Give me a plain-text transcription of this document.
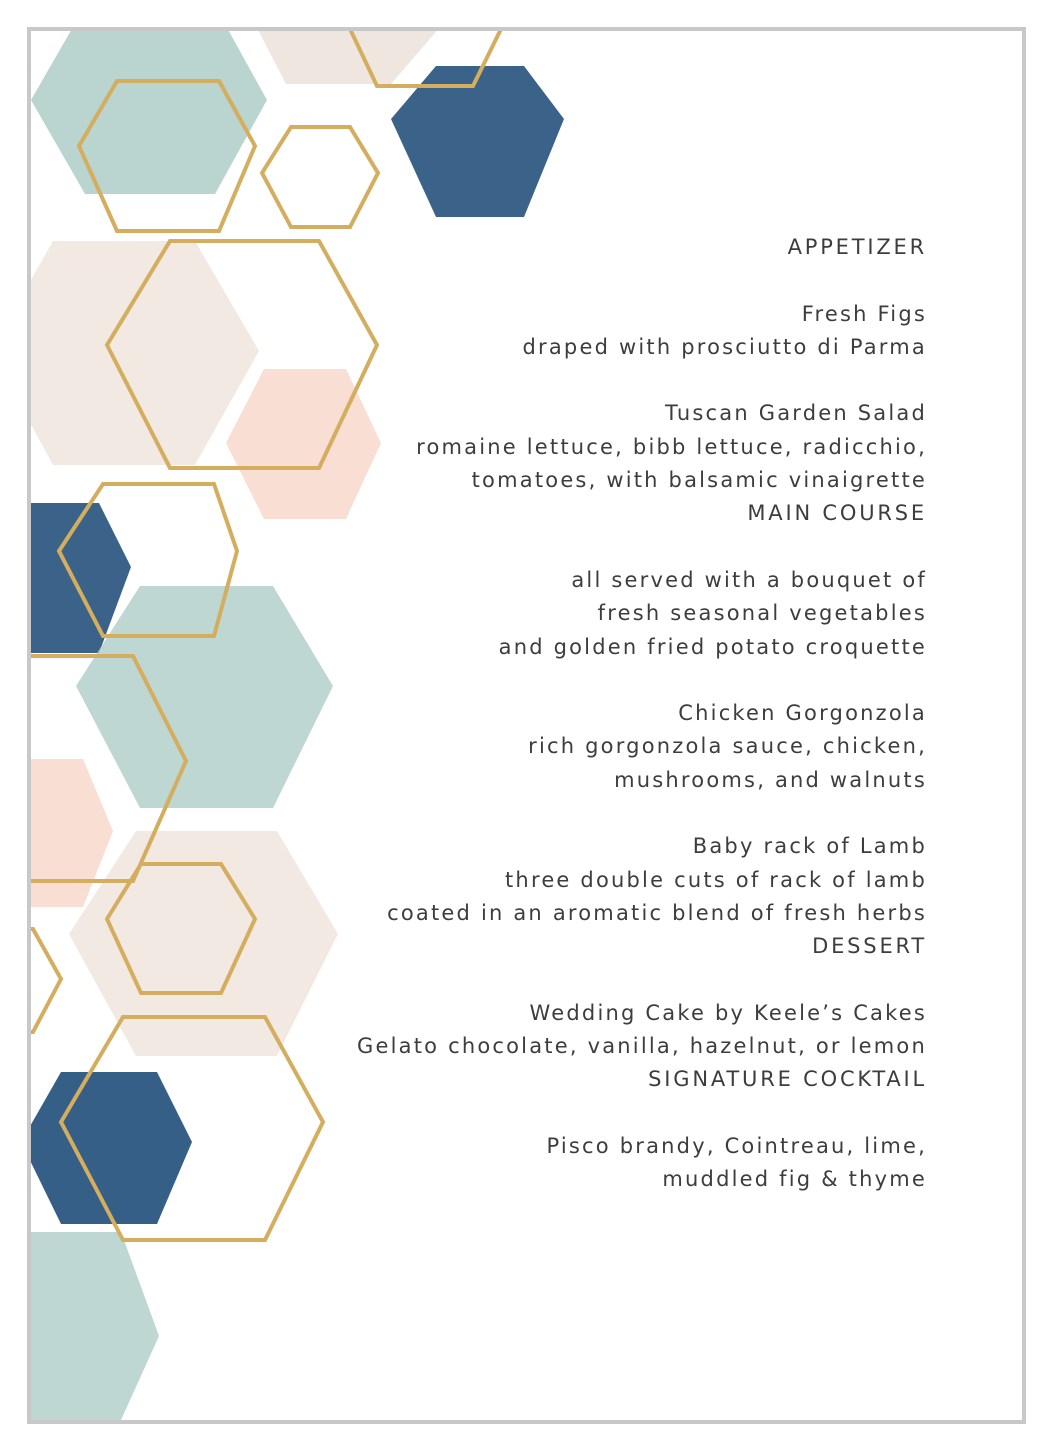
APPETIZER
Fresh Figs
draped with prosciutto di Parma
Tuscan Garden Salad
romaine lettuce, bibb lettuce, radicchio,
tomatoes, with balsamic vinaigrette
MAIN COURSE
all served with a bouquet of
fresh seasonal vegetables
and golden fried potato croquette
Chicken Gorgonzola
rich gorgonzola sauce, chicken,
mushrooms, and walnuts
Baby rack of Lamb
three double cuts of rack of lamb
coated in an aromatic blend of fresh herbs
DESSERT
Wedding Cake by Keele’s Cakes
Gelato chocolate, vanilla, hazelnut, or lemon
SIGNATURE COCKTAIL
Pisco brandy, Cointreau, lime,
muddled fig & thyme
